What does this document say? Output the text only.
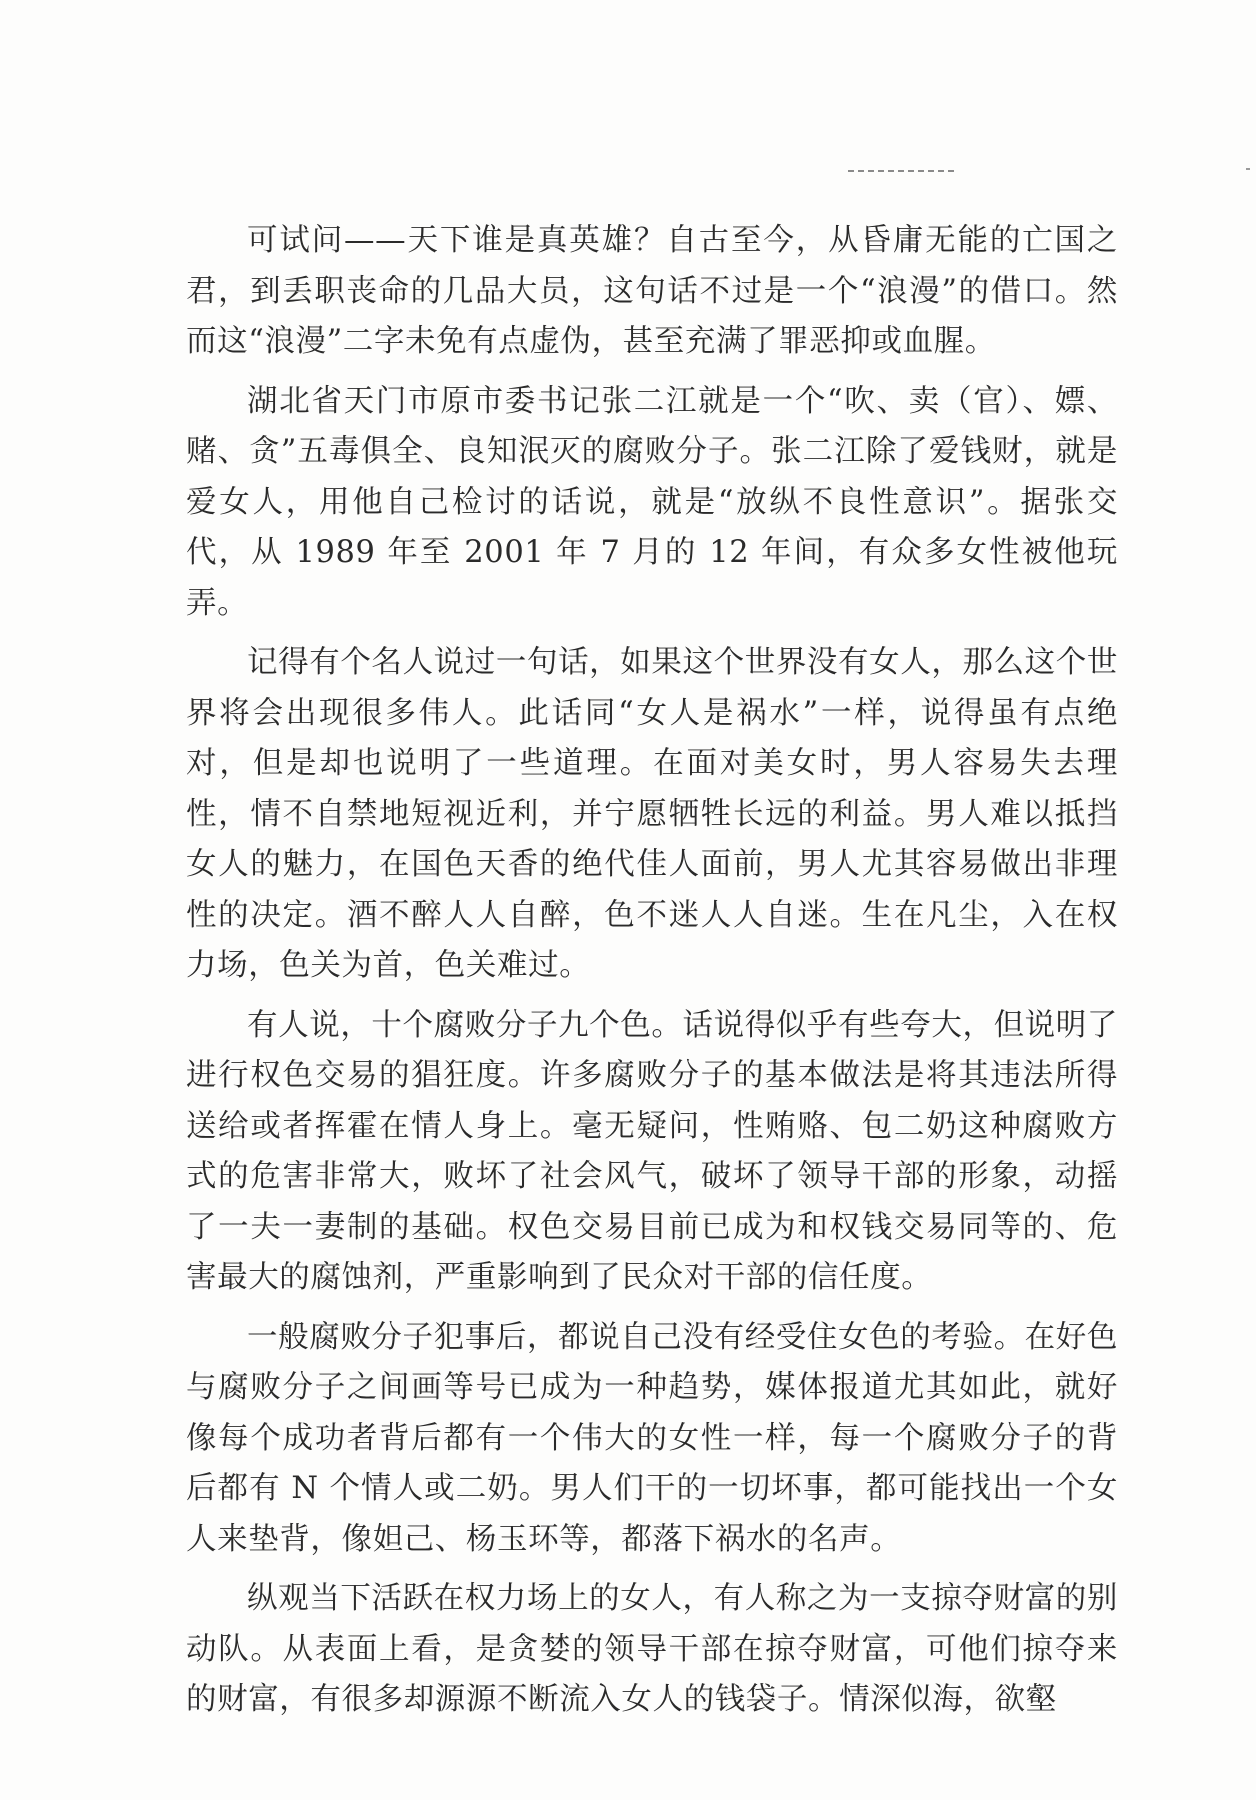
可试问——天下谁是真英雄？自古至今，从昏庸无能的亡国之君，到丢职丧命的几品大员，这句话不过是一个“浪漫”的借口。然而这“浪漫”二字未免有点虚伪，甚至充满了罪恶抑或血腥。

湖北省天门市原市委书记张二江就是一个“吹、卖（官）、嫖、赌、贪”五毒俱全、良知泯灭的腐败分子。张二江除了爱钱财，就是爱女人，用他自己检讨的话说，就是“放纵不良性意识”。据张交代，从 1989 年至 2001 年 7 月的 12 年间，有众多女性被他玩弄。

记得有个名人说过一句话，如果这个世界没有女人，那么这个世界将会出现很多伟人。此话同“女人是祸水”一样，说得虽有点绝对，但是却也说明了一些道理。在面对美女时，男人容易失去理性，情不自禁地短视近利，并宁愿牺牲长远的利益。男人难以抵挡女人的魅力，在国色天香的绝代佳人面前，男人尤其容易做出非理性的决定。酒不醉人人自醉，色不迷人人自迷。生在凡尘，入在权力场，色关为首，色关难过。

有人说，十个腐败分子九个色。话说得似乎有些夸大，但说明了进行权色交易的猖狂度。许多腐败分子的基本做法是将其违法所得送给或者挥霍在情人身上。毫无疑问，性贿赂、包二奶这种腐败方式的危害非常大，败坏了社会风气，破坏了领导干部的形象，动摇了一夫一妻制的基础。权色交易目前已成为和权钱交易同等的、危害最大的腐蚀剂，严重影响到了民众对干部的信任度。

一般腐败分子犯事后，都说自己没有经受住女色的考验。在好色与腐败分子之间画等号已成为一种趋势，媒体报道尤其如此，就好像每个成功者背后都有一个伟大的女性一样，每一个腐败分子的背后都有 N 个情人或二奶。男人们干的一切坏事，都可能找出一个女人来垫背，像妲己、杨玉环等，都落下祸水的名声。

纵观当下活跃在权力场上的女人，有人称之为一支掠夺财富的别动队。从表面上看，是贪婪的领导干部在掠夺财富，可他们掠夺来的财富，有很多却源源不断流入女人的钱袋子。情深似海，欲壑
